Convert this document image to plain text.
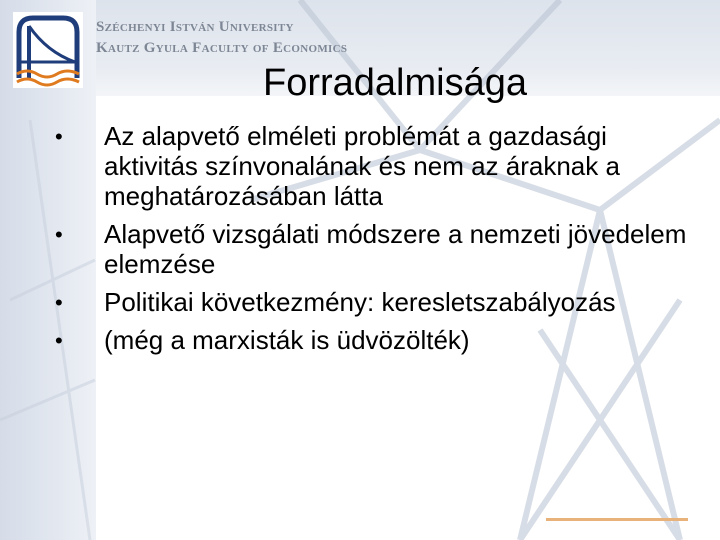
Széchenyi István University
Kautz Gyula Faculty of Economics
Forradalmisága
• Az alapvető elméleti problémát a gazdasági aktivitás színvonalának és nem az áraknak a meghatározásában látta
• Alapvető vizsgálati módszere a nemzeti jövedelem elemzése
• Politikai következmény: keresletszabályozás
• (még a marxisták is üdvözölték)
